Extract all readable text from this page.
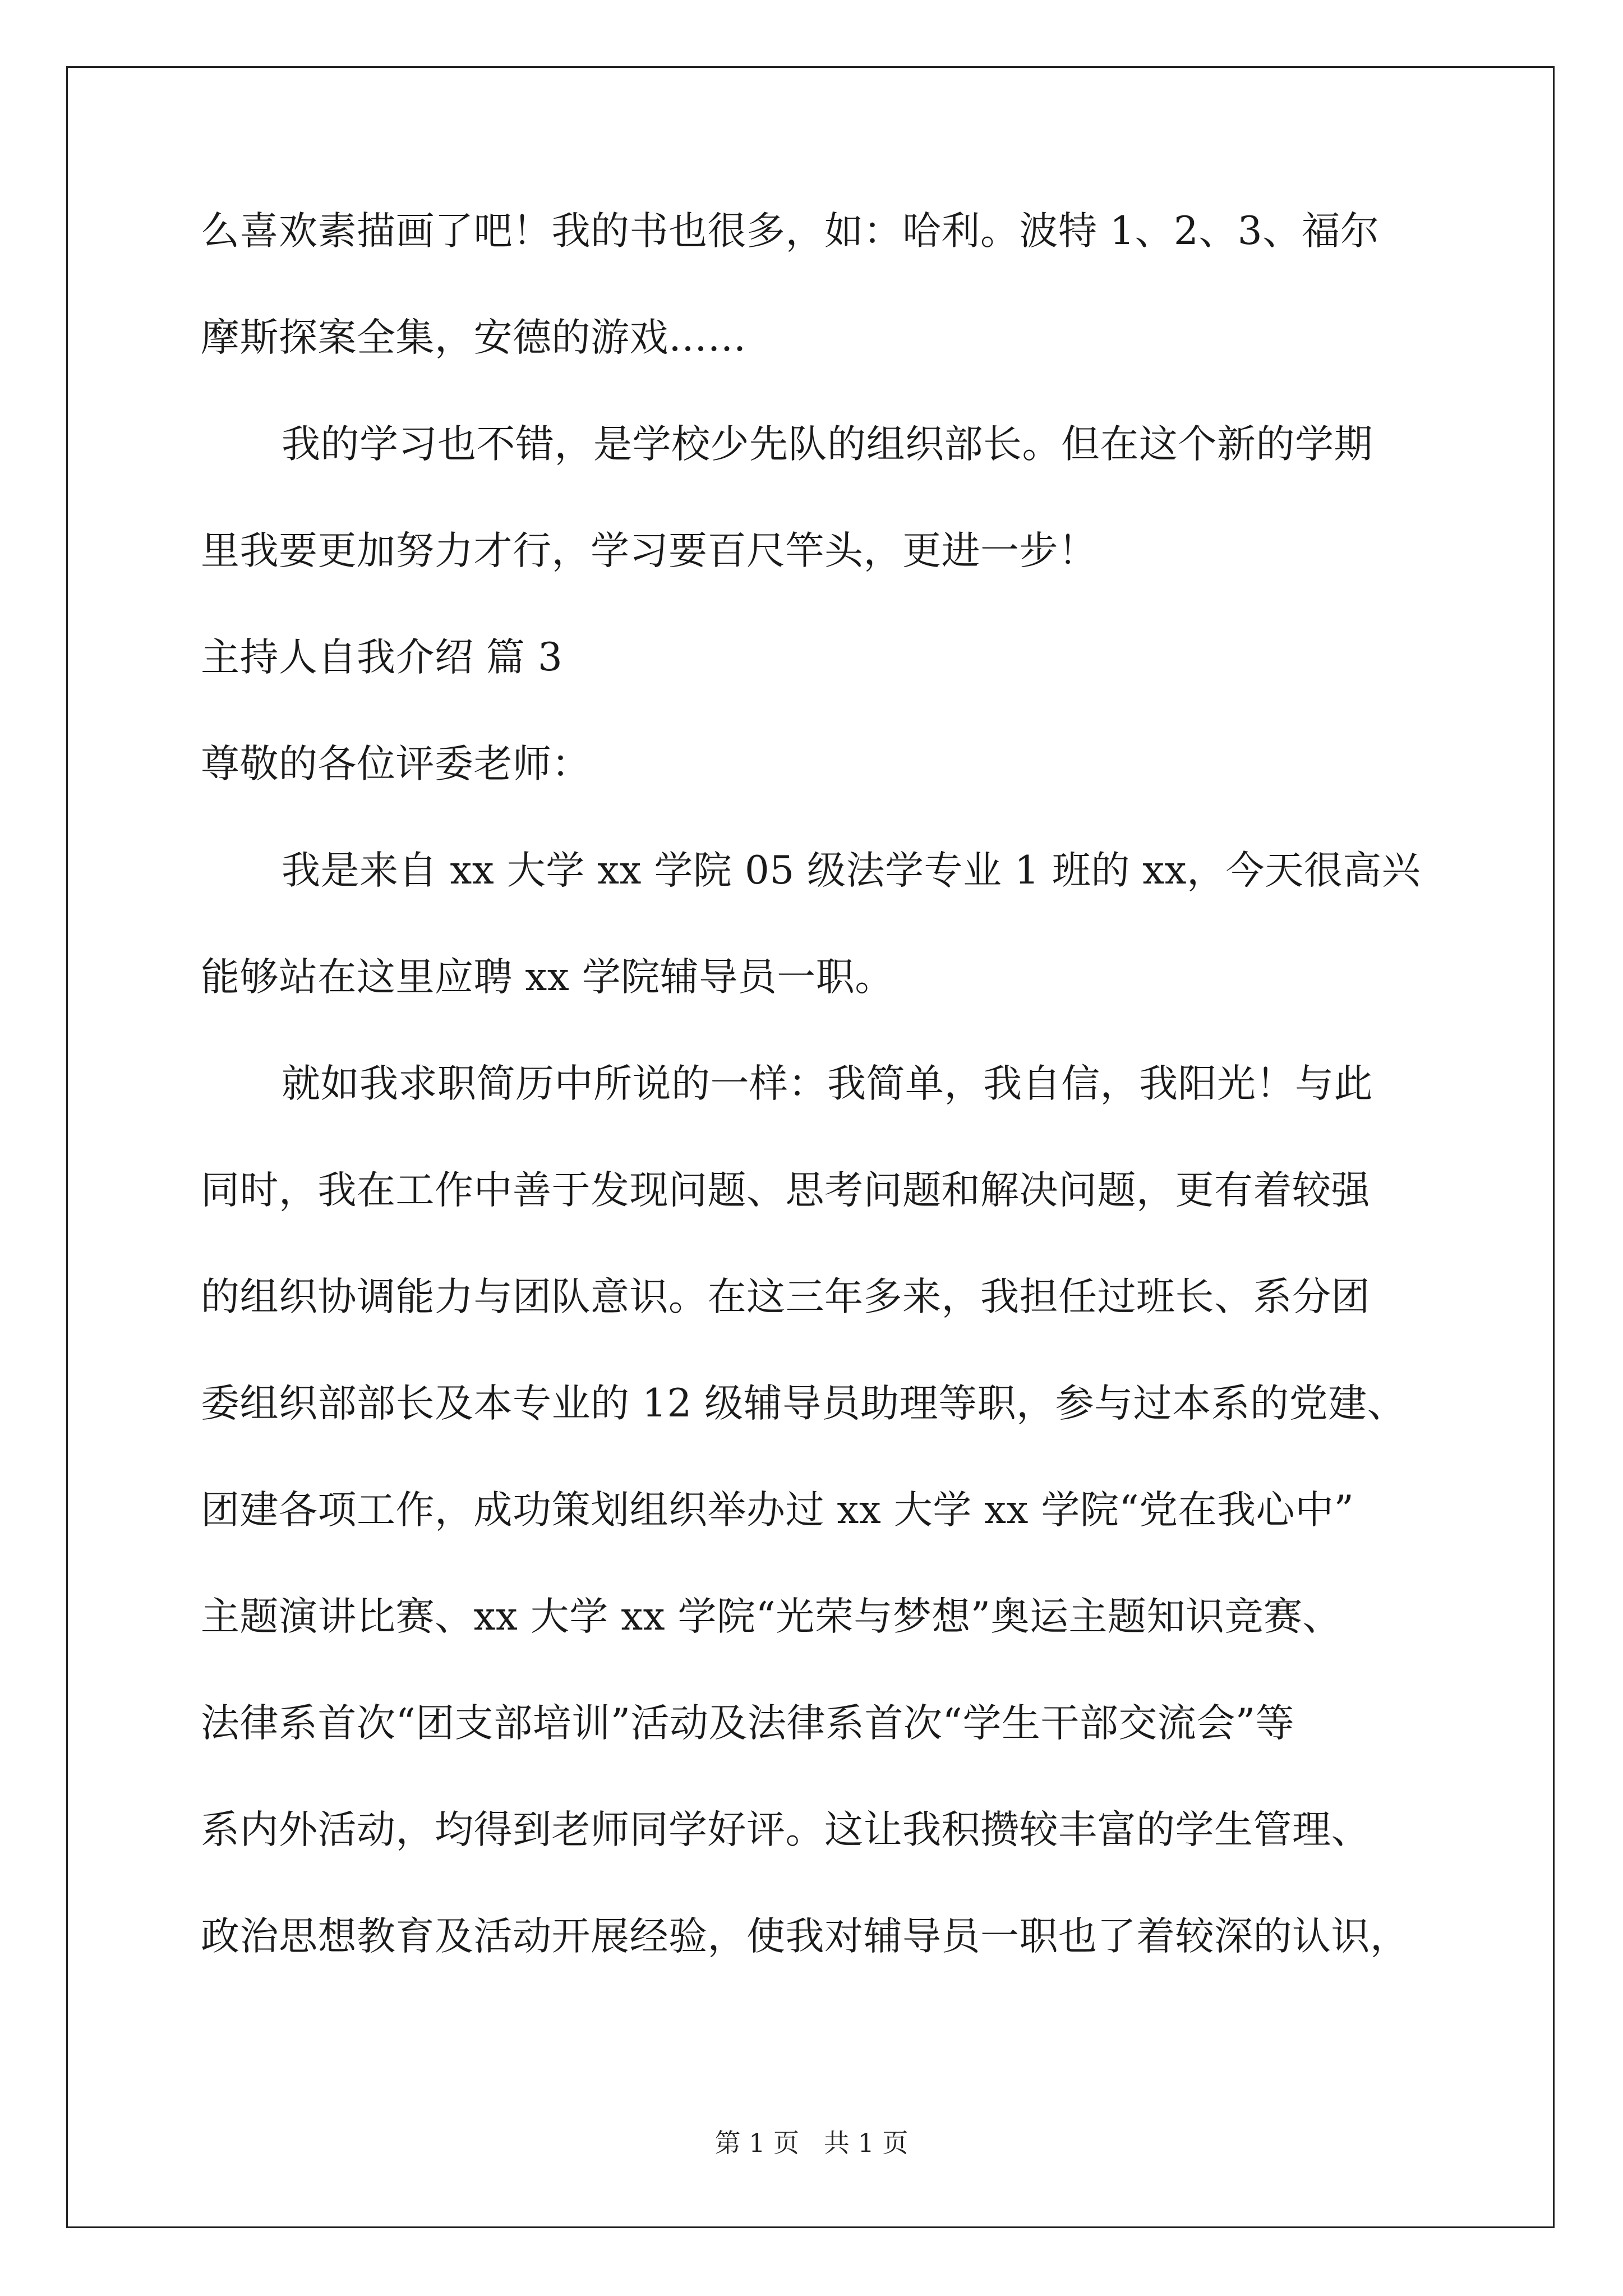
么喜欢素描画了吧！我的书也很多，如：哈利。波特 1、2、3、福尔
摩斯探案全集，安德的游戏……
我的学习也不错，是学校少先队的组织部长。但在这个新的学期
里我要更加努力才行，学习要百尺竿头，更进一步！
主持人自我介绍 篇 3
尊敬的各位评委老师：
我是来自 xx 大学 xx 学院 05 级法学专业 1 班的 xx，今天很高兴
能够站在这里应聘 xx 学院辅导员一职。
就如我求职简历中所说的一样：我简单，我自信，我阳光！与此
同时，我在工作中善于发现问题、思考问题和解决问题，更有着较强
的组织协调能力与团队意识。在这三年多来，我担任过班长、系分团
委组织部部长及本专业的 12 级辅导员助理等职，参与过本系的党建、
团建各项工作，成功策划组织举办过 xx 大学 xx 学院“党在我心中”
主题演讲比赛、xx 大学 xx 学院“光荣与梦想”奥运主题知识竞赛、
法律系首次“团支部培训”活动及法律系首次“学生干部交流会”等
系内外活动，均得到老师同学好评。这让我积攒较丰富的学生管理、
政治思想教育及活动开展经验，使我对辅导员一职也了着较深的认识，
第 1 页   共 1 页
